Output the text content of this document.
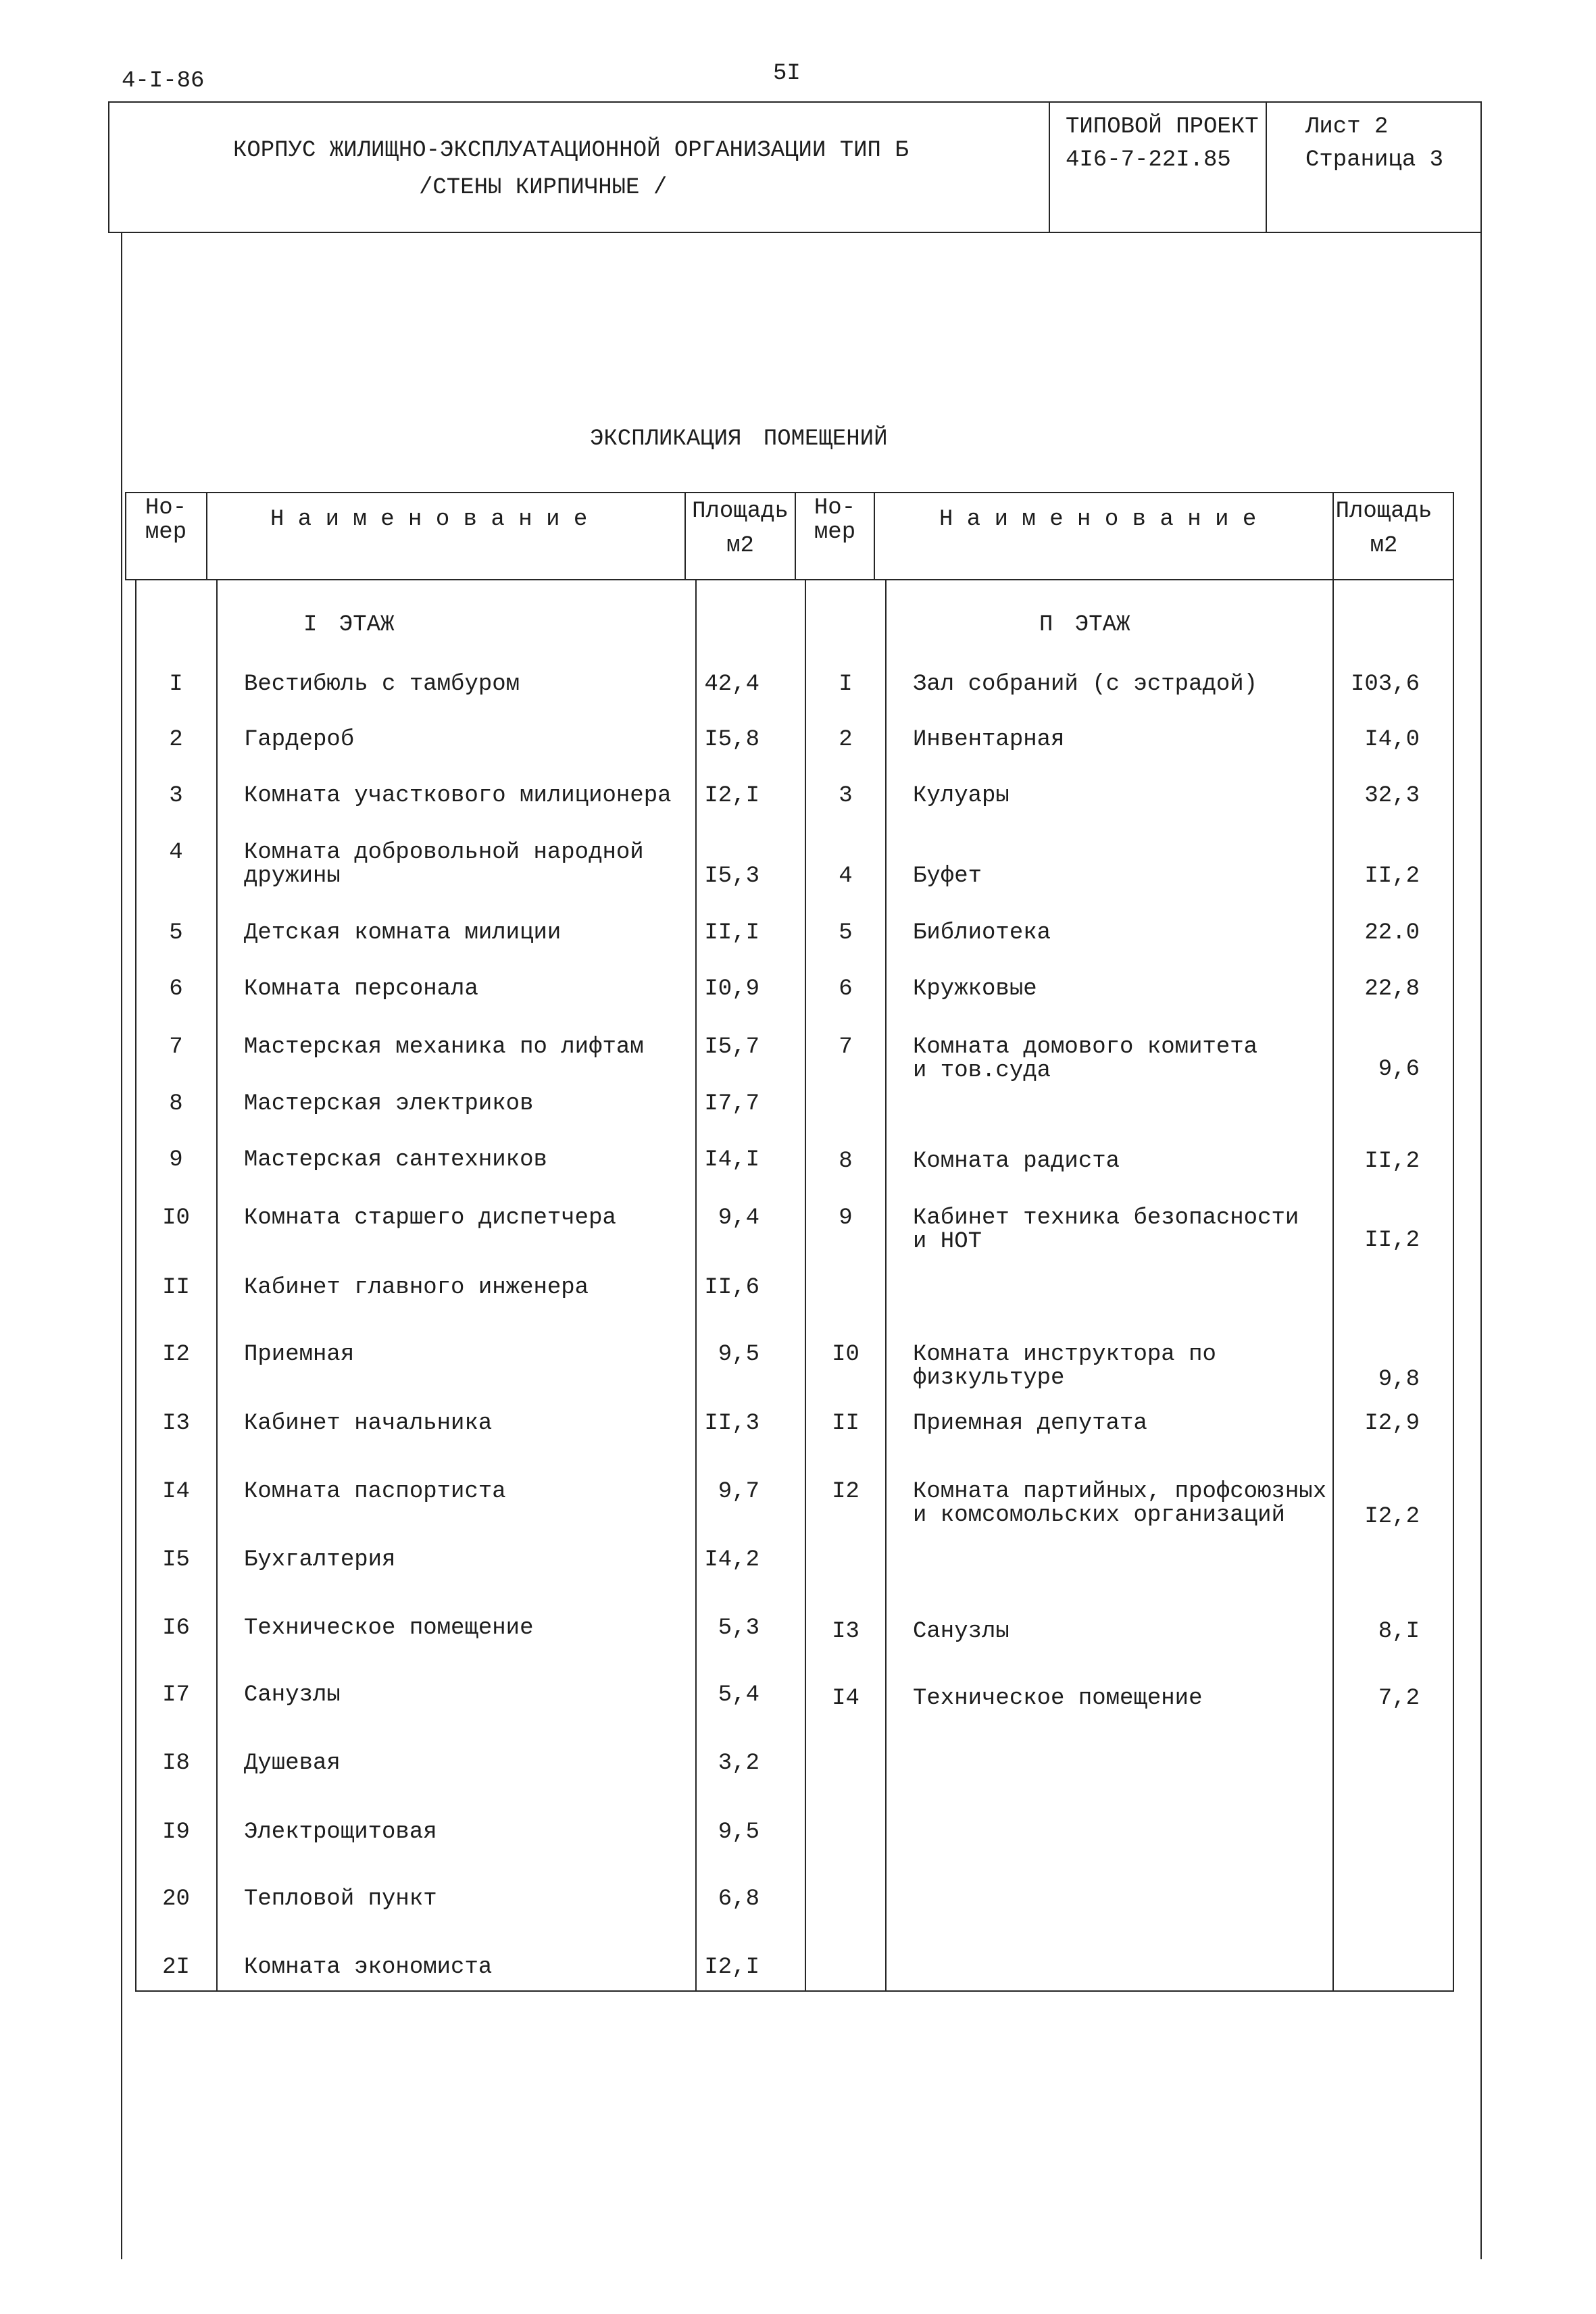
4-I-86	5I
КОРПУС ЖИЛИЩНО-ЭКСПЛУАТАЦИОННОЙ ОРГАНИЗАЦИИ ТИП Б
/СТЕНЫ КИРПИЧНЫЕ /
ТИПОВОЙ ПРОЕКТ
4I6-7-22I.85
Лист 2
Страница 3
ЭКСПЛИКАЦИЯ ПОМЕЩЕНИЙ
Но-
мер	Н а и м е н о в а н и е	Площадь
м2
Но-
мер	Н а и м е н о в а н и е	Площадь
м2
I ЭТАЖ	П ЭТАЖ
I	Вестибюль с тамбуром	42,4
2	Гардероб	I5,8
3	Комната участкового милиционера	I2,I
4	Комната добровольной народной
дружины	I5,3
5	Детская комната милиции	II,I
6	Комната персонала	I0,9
7	Мастерская механика по лифтам	I5,7
8	Мастерская электриков	I7,7
9	Мастерская сантехников	I4,I
I0	Комната старшего диспетчера	9,4
II	Кабинет главного инженера	II,6
I2	Приемная	9,5
I3	Кабинет начальника	II,3
I4	Комната паспортиста	9,7
I5	Бухгалтерия	I4,2
I6	Техническое помещение	5,3
I7	Санузлы	5,4
I8	Душевая	3,2
I9	Электрощитовая	9,5
20	Тепловой пункт	6,8
2I	Комната экономиста	I2,I
I	Зал собраний (с эстрадой)	I03,6
2	Инвентарная	I4,0
3	Кулуары	32,3
4	Буфет	II,2
5	Библиотека	22.0
6	Кружковые	22,8
7	Комната домового комитета
и тов.суда	9,6
8	Комната радиста	II,2
9	Кабинет техника безопасности
и НОТ	II,2
I0	Комната инструктора по
физкультуре	9,8
II	Приемная депутата	I2,9
I2	Комната партийных, профсоюзных
и комсомольских организаций	I2,2
I3	Санузлы	8,I
I4	Техническое помещение	7,2
